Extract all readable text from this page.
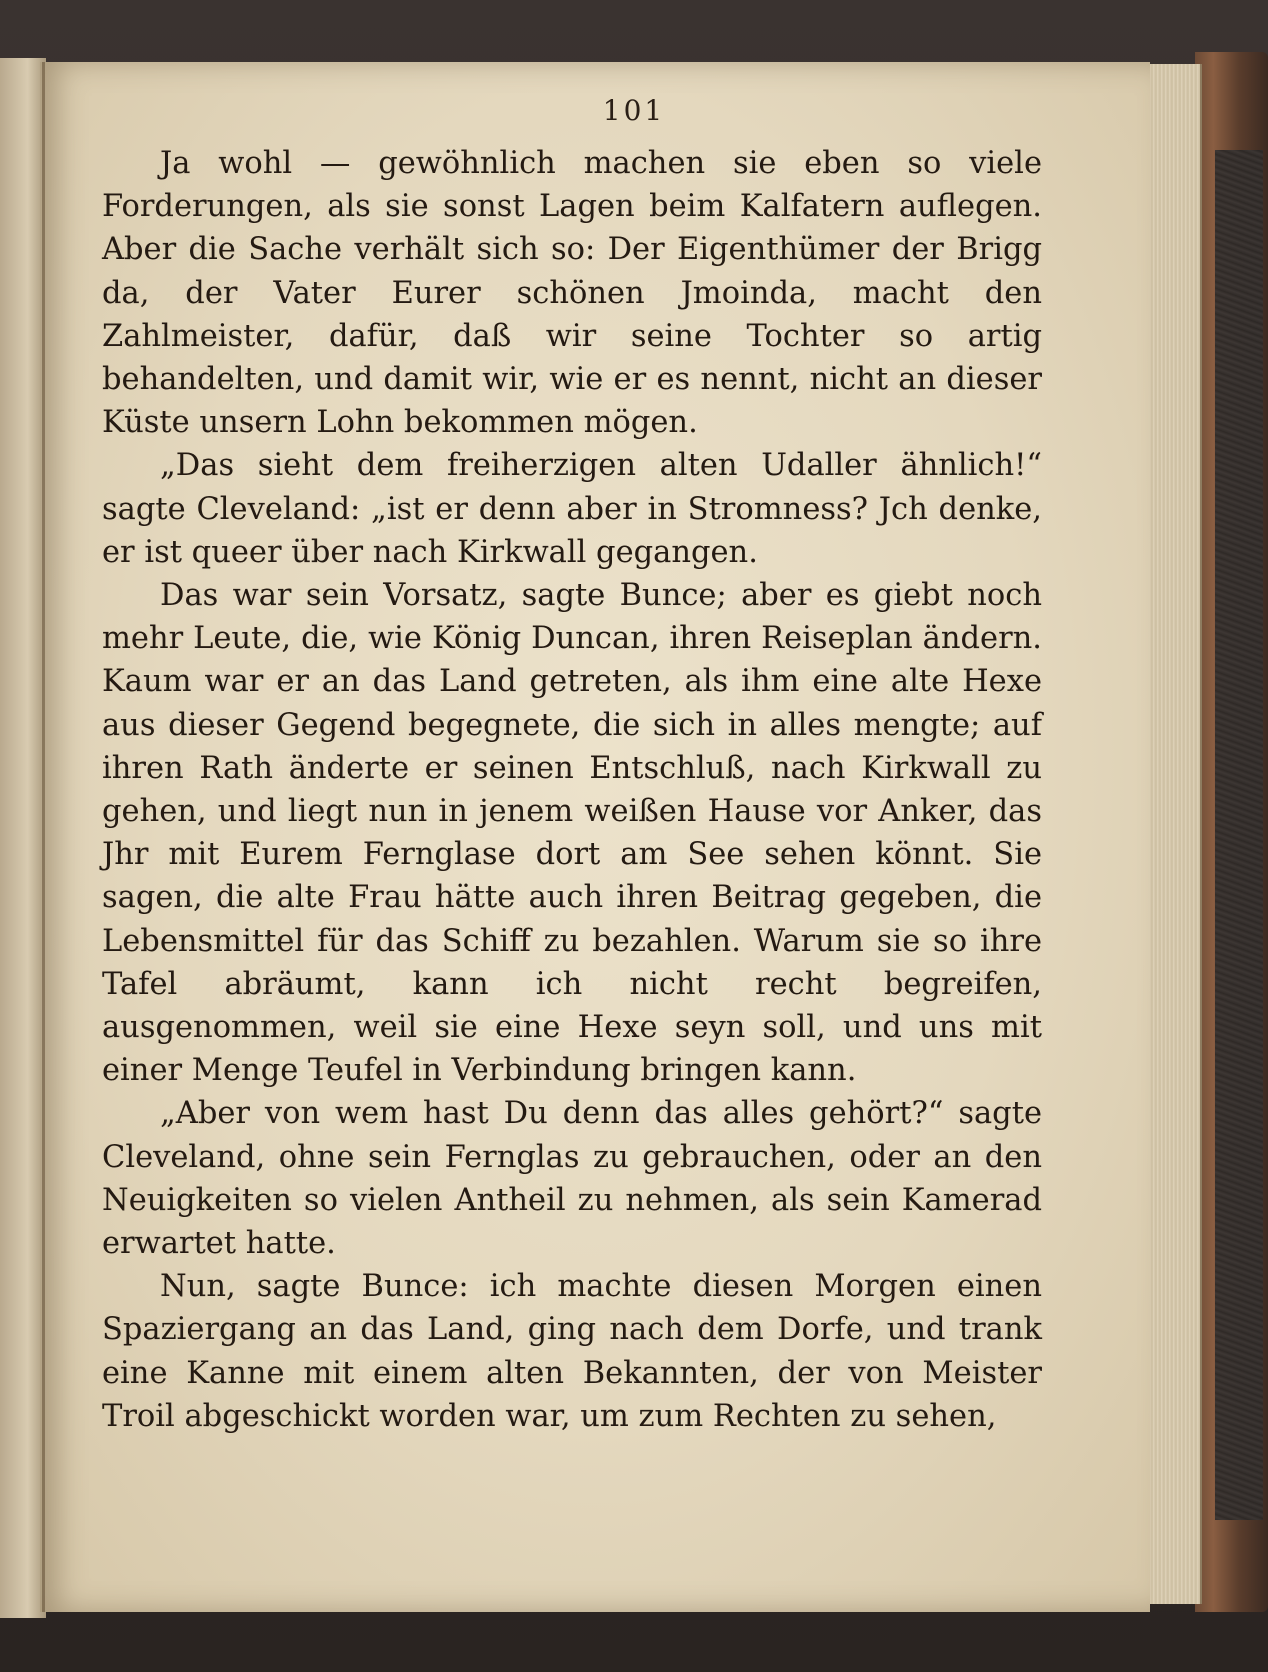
101

Ja wohl — gewöhnlich machen sie eben so viele Forderungen, als sie sonst Lagen beim Kalfatern auflegen. Aber die Sache verhält sich so: Der Eigenthümer der Brigg da, der Vater Eurer schönen Jmoinda, macht den Zahlmeister, dafür, daß wir seine Tochter so artig behandelten, und damit wir, wie er es nennt, nicht an dieser Küste unsern Lohn bekommen mögen.

„Das sieht dem freiherzigen alten Udaller ähnlich!“ sagte Cleveland: „ist er denn aber in Stromness? Jch denke, er ist queer über nach Kirkwall gegangen.

Das war sein Vorsatz, sagte Bunce; aber es giebt noch mehr Leute, die, wie König Duncan, ihren Reiseplan ändern. Kaum war er an das Land getreten, als ihm eine alte Hexe aus dieser Gegend begegnete, die sich in alles mengte; auf ihren Rath änderte er seinen Entschluß, nach Kirkwall zu gehen, und liegt nun in jenem weißen Hause vor Anker, das Jhr mit Eurem Fernglase dort am See sehen könnt. Sie sagen, die alte Frau hätte auch ihren Beitrag gegeben, die Lebensmittel für das Schiff zu bezahlen. Warum sie so ihre Tafel abräumt, kann ich nicht recht begreifen, ausgenommen, weil sie eine Hexe seyn soll, und uns mit einer Menge Teufel in Verbindung bringen kann.

„Aber von wem hast Du denn das alles gehört?“ sagte Cleveland, ohne sein Fernglas zu gebrauchen, oder an den Neuigkeiten so vielen Antheil zu nehmen, als sein Kamerad erwartet hatte.

Nun, sagte Bunce: ich machte diesen Morgen einen Spaziergang an das Land, ging nach dem Dorfe, und trank eine Kanne mit einem alten Bekannten, der von Meister Troil abgeschickt worden war, um zum Rechten zu sehen,
